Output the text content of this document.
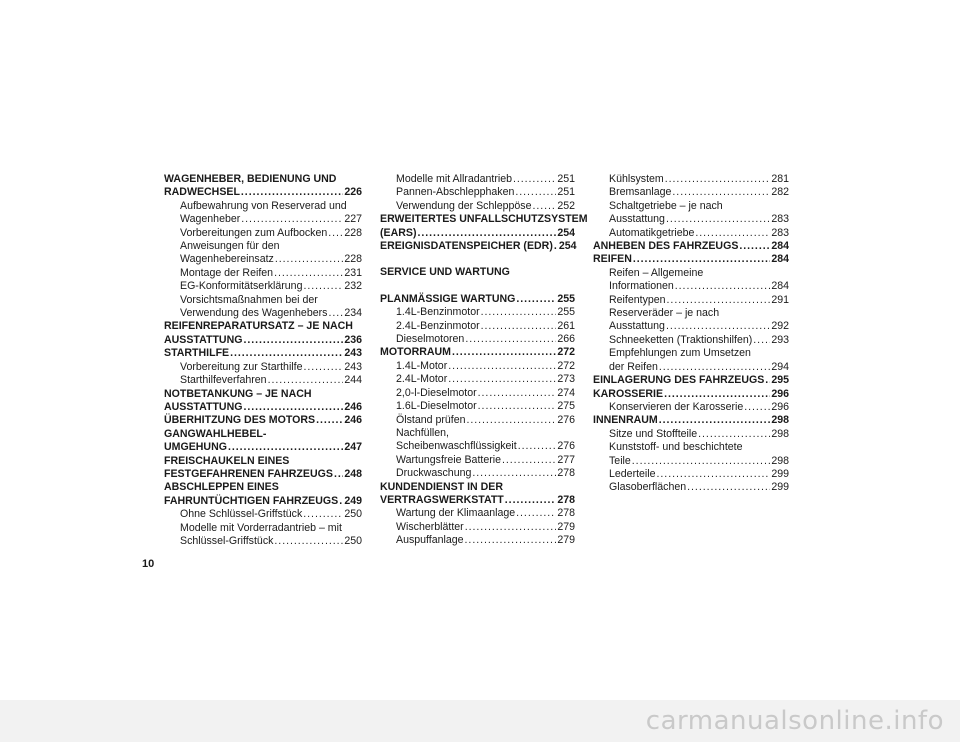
WAGENHEBER, BEDIENUNG UND
RADWECHSEL . . .	226
Aufbewahrung von Reserverad und
Wagenheber . . .	227
Vorbereitungen zum Aufbocken . . . 228
Anweisungen für den
Wagenhebereinsatz . . .	228
Montage der Reifen . . .	231
EG-Konformitätserklärung . . .	232
Vorsichtsmaßnahmen bei der
Verwendung des Wagenhebers . . . 234
REIFENREPARATURSATZ – JE NACH
AUSSTATTUNG . . .	236
STARTHILFE . . .	243
Vorbereitung zur Starthilfe . . .	243
Starthilfeverfahren . . .	244
NOTBETANKUNG – JE NACH
AUSSTATTUNG . . .	246
ÜBERHITZUNG DES MOTORS . . .	246
GANGWAHLHEBEL-
UMGEHUNG . . .	247
FREISCHAUKELN EINES
FESTGEFAHRENEN FAHRZEUGS . . . 248
ABSCHLEPPEN EINES
FAHRUNTÜCHTIGEN FAHRZEUGS . . . 249
Ohne Schlüssel-Griffstück . . .	250
Modelle mit Vorderradantrieb – mit
Schlüssel-Griffstück . . .	250
Modelle mit Allradantrieb . . .	251
Pannen-Abschlepphaken . . .	251
Verwendung der Schleppöse . . . 252
ERWEITERTES UNFALLSCHUTZSYSTEM
(EARS) . . .	254
EREIGNISDATENSPEICHER (EDR) . . . 254
SERVICE UND WARTUNG
PLANMÄSSIGE WARTUNG . . .	255
1.4L-Benzinmotor . . .	255
2.4L-Benzinmotor . . .	261
Dieselmotoren . . .	266
MOTORRAUM . . .	272
1.4L-Motor . . .	272
2.4L-Motor . . .	273
2,0-l-Dieselmotor . . .	274
1.6L-Dieselmotor . . .	275
Ölstand prüfen . . .	276
Nachfüllen,
Scheibenwaschflüssigkeit . . .	276
Wartungsfreie Batterie . . .	277
Druckwaschung . . .	278
KUNDENDIENST IN DER
VERTRAGSWERKSTATT . . .	278
Wartung der Klimaanlage . . .	278
Wischerblätter . . .	279
Auspuffanlage . . .	279
Kühlsystem . . .	281
Bremsanlage . . .	282
Schaltgetriebe – je nach
Ausstattung . . .	283
Automatikgetriebe . . .	283
ANHEBEN DES FAHRZEUGS . . .	284
REIFEN . . .	284
Reifen – Allgemeine
Informationen . . .	284
Reifentypen . . .	291
Reserveräder – je nach
Ausstattung . . .	292
Schneeketten (Traktionshilfen) . . . 293
Empfehlungen zum Umsetzen
der Reifen . . .	294
EINLAGERUNG DES FAHRZEUGS . . . 295
KAROSSERIE . . .	296
Konservieren der Karosserie . . .	296
INNENRAUM . . .	298
Sitze und Stoffteile . . .	298
Kunststoff- und beschichtete
Teile . . .	298
Lederteile . . .	299
Glasoberflächen . . .	299
10
carmanualsonline.info
